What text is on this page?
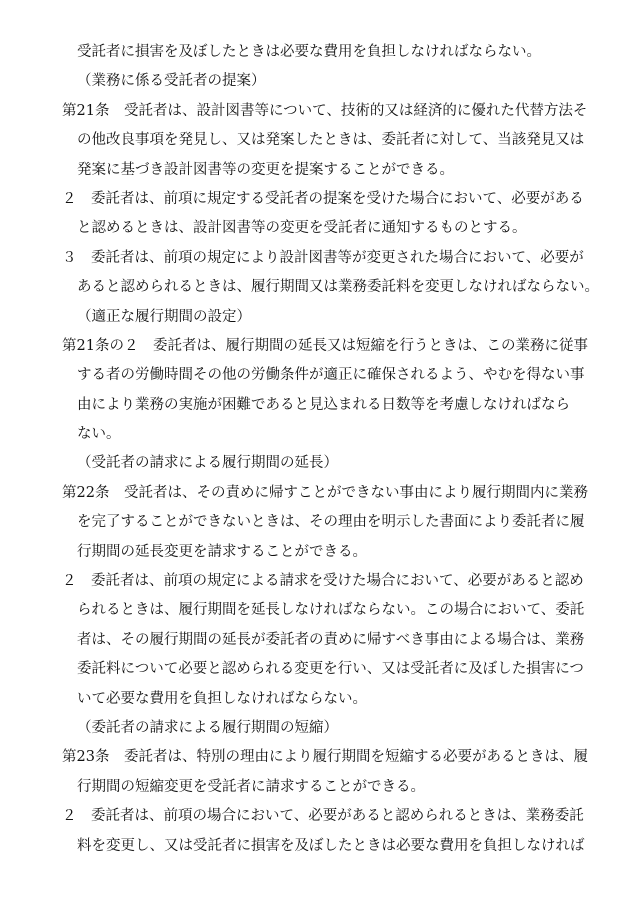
受託者に損害を及ぼしたときは必要な費用を負担しなければならない。
（業務に係る受託者の提案）
第21条　受託者は、設計図書等について、技術的又は経済的に優れた代替方法そ
の他改良事項を発見し、又は発案したときは、委託者に対して、当該発見又は
発案に基づき設計図書等の変更を提案することができる。
２　委託者は、前項に規定する受託者の提案を受けた場合において、必要がある
と認めるときは、設計図書等の変更を受託者に通知するものとする。
３　委託者は、前項の規定により設計図書等が変更された場合において、必要が
あると認められるときは、履行期間又は業務委託料を変更しなければならない。
（適正な履行期間の設定）
第21条の２　委託者は、履行期間の延長又は短縮を行うときは、この業務に従事
する者の労働時間その他の労働条件が適正に確保されるよう、やむを得ない事
由により業務の実施が困難であると見込まれる日数等を考慮しなければなら
ない。
（受託者の請求による履行期間の延長）
第22条　受託者は、その責めに帰すことができない事由により履行期間内に業務
を完了することができないときは、その理由を明示した書面により委託者に履
行期間の延長変更を請求することができる。
２　委託者は、前項の規定による請求を受けた場合において、必要があると認め
られるときは、履行期間を延長しなければならない。この場合において、委託
者は、その履行期間の延長が委託者の責めに帰すべき事由による場合は、業務
委託料について必要と認められる変更を行い、又は受託者に及ぼした損害につ
いて必要な費用を負担しなければならない。
（委託者の請求による履行期間の短縮）
第23条　委託者は、特別の理由により履行期間を短縮する必要があるときは、履
行期間の短縮変更を受託者に請求することができる。
２　委託者は、前項の場合において、必要があると認められるときは、業務委託
料を変更し、又は受託者に損害を及ぼしたときは必要な費用を負担しなければ
